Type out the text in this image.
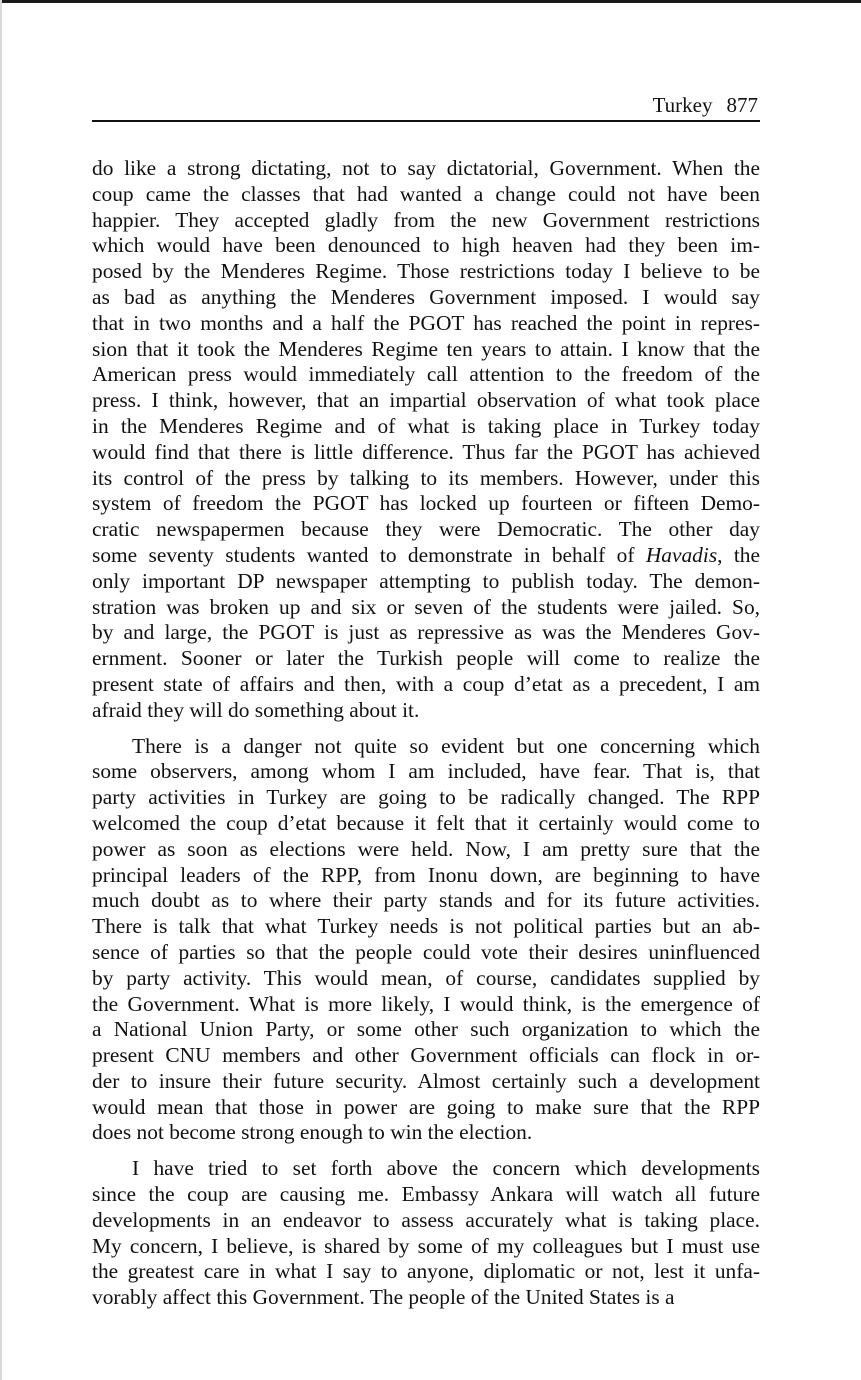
Turkey 877
do like a strong dictating, not to say dictatorial, Government. When the
coup came the classes that had wanted a change could not have been
happier. They accepted gladly from the new Government restrictions
which would have been denounced to high heaven had they been im-
posed by the Menderes Regime. Those restrictions today I believe to be
as bad as anything the Menderes Government imposed. I would say
that in two months and a half the PGOT has reached the point in repres-
sion that it took the Menderes Regime ten years to attain. I know that the
American press would immediately call attention to the freedom of the
press. I think, however, that an impartial observation of what took place
in the Menderes Regime and of what is taking place in Turkey today
would find that there is little difference. Thus far the PGOT has achieved
its control of the press by talking to its members. However, under this
system of freedom the PGOT has locked up fourteen or fifteen Demo-
cratic newspapermen because they were Democratic. The other day
some seventy students wanted to demonstrate in behalf of Havadis, the
only important DP newspaper attempting to publish today. The demon-
stration was broken up and six or seven of the students were jailed. So,
by and large, the PGOT is just as repressive as was the Menderes Gov-
ernment. Sooner or later the Turkish people will come to realize the
present state of affairs and then, with a coup d’etat as a precedent, I am
afraid they will do something about it.
There is a danger not quite so evident but one concerning which
some observers, among whom I am included, have fear. That is, that
party activities in Turkey are going to be radically changed. The RPP
welcomed the coup d’etat because it felt that it certainly would come to
power as soon as elections were held. Now, I am pretty sure that the
principal leaders of the RPP, from Inonu down, are beginning to have
much doubt as to where their party stands and for its future activities.
There is talk that what Turkey needs is not political parties but an ab-
sence of parties so that the people could vote their desires uninfluenced
by party activity. This would mean, of course, candidates supplied by
the Government. What is more likely, I would think, is the emergence of
a National Union Party, or some other such organization to which the
present CNU members and other Government officials can flock in or-
der to insure their future security. Almost certainly such a development
would mean that those in power are going to make sure that the RPP
does not become strong enough to win the election.
I have tried to set forth above the concern which developments
since the coup are causing me. Embassy Ankara will watch all future
developments in an endeavor to assess accurately what is taking place.
My concern, I believe, is shared by some of my colleagues but I must use
the greatest care in what I say to anyone, diplomatic or not, lest it unfa-
vorably affect this Government. The people of the United States is a
